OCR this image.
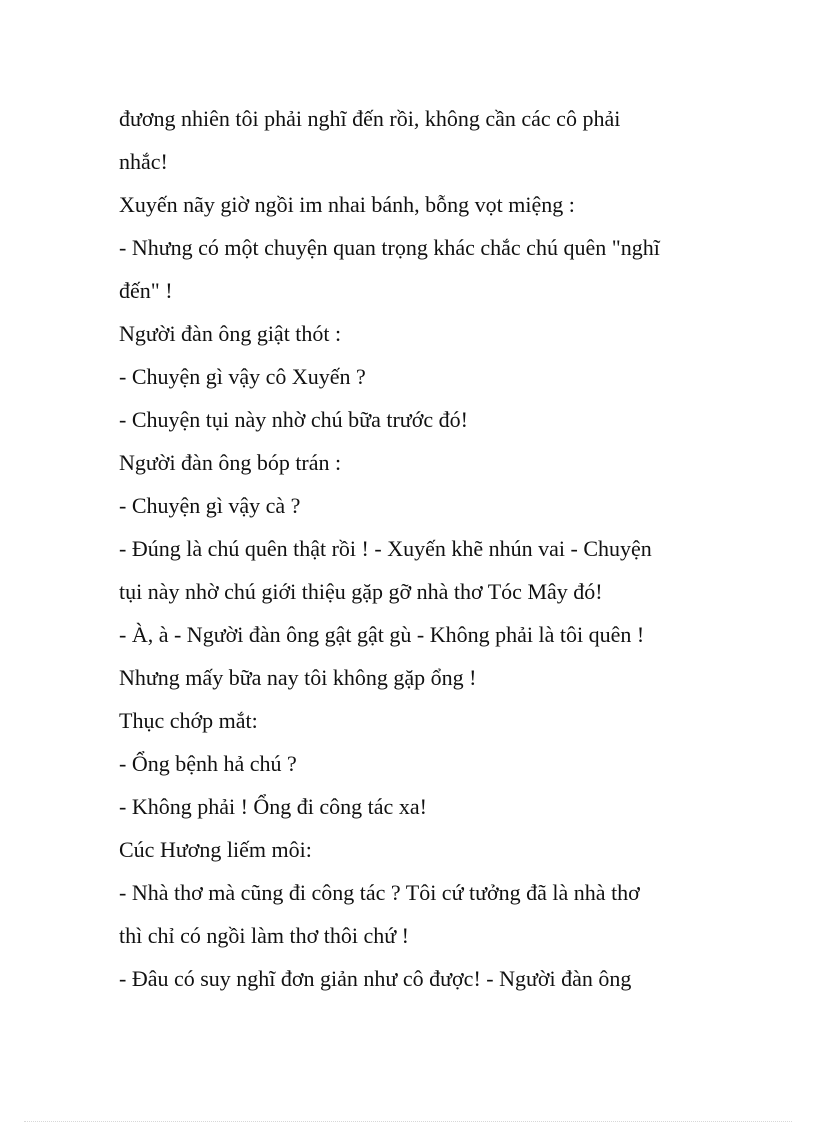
đương nhiên tôi phải nghĩ đến rồi, không cần các cô phải
nhắc!
Xuyến nãy giờ ngồi im nhai bánh, bỗng vọt miệng :
- Nhưng có một chuyện quan trọng khác chắc chú quên "nghĩ
đến" !
Người đàn ông giật thót :
- Chuyện gì vậy cô Xuyến ?
- Chuyện tụi này nhờ chú bữa trước đó!
Người đàn ông bóp trán :
- Chuyện gì vậy cà ?
- Đúng là chú quên thật rồi ! - Xuyến khẽ nhún vai - Chuyện
tụi này nhờ chú giới thiệu gặp gỡ nhà thơ Tóc Mây đó!
- À, à - Người đàn ông gật gật gù - Không phải là tôi quên !
Nhưng mấy bữa nay tôi không gặp ổng !
Thục chớp mắt:
- Ổng bệnh hả chú ?
- Không phải ! Ổng đi công tác xa!
Cúc Hương liếm môi:
- Nhà thơ mà cũng đi công tác ? Tôi cứ tưởng đã là nhà thơ
thì chỉ có ngồi làm thơ thôi chứ !
- Đâu có suy nghĩ đơn giản như cô được! - Người đàn ông
